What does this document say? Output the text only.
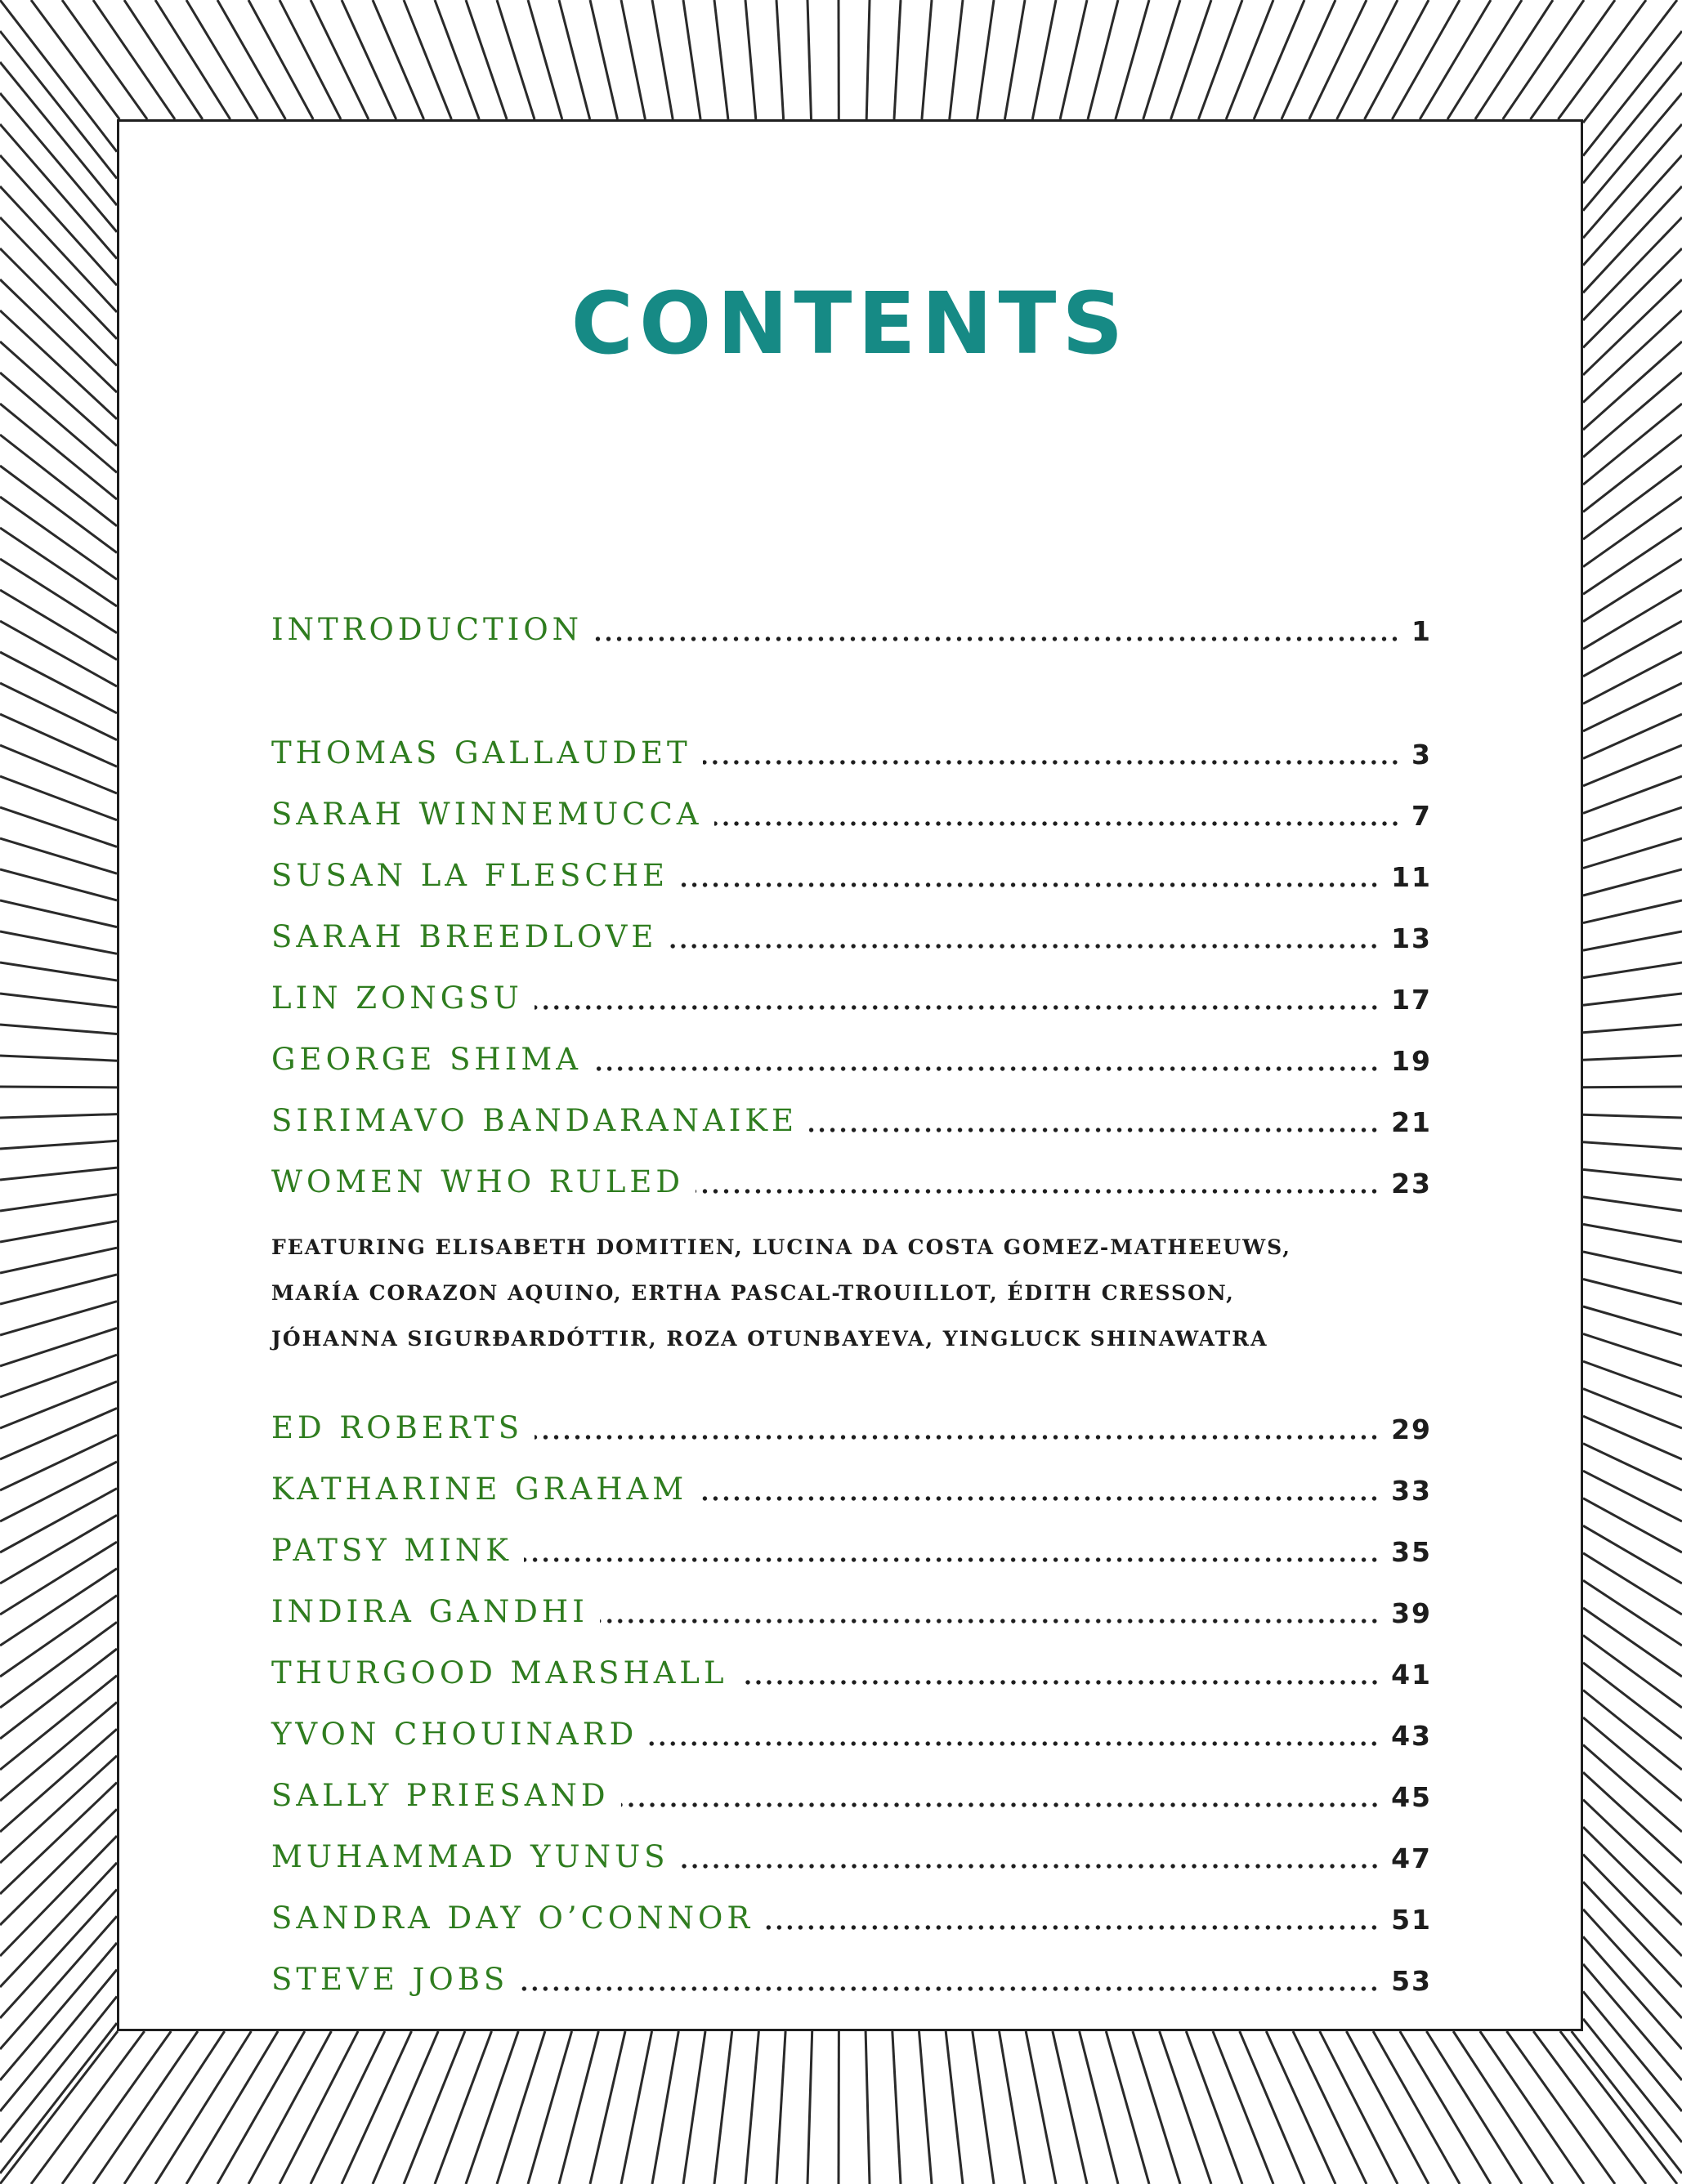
CONTENTS
INTRODUCTION	1
THOMAS GALLAUDET	3
SARAH WINNEMUCCA	7
SUSAN LA FLESCHE	11
SARAH BREEDLOVE	13
LIN ZONGSU	17
GEORGE SHIMA	19
SIRIMAVO BANDARANAIKE	21
WOMEN WHO RULED	23
FEATURING ELISABETH DOMITIEN, LUCINA DA COSTA GOMEZ-MATHEEUWS,
MARÍA CORAZON AQUINO, ERTHA PASCAL-TROUILLOT, ÉDITH CRESSON,
JÓHANNA SIGURÐARDÓTTIR, ROZA OTUNBAYEVA, YINGLUCK SHINAWATRA
ED ROBERTS	29
KATHARINE GRAHAM	33
PATSY MINK	35
INDIRA GANDHI	39
THURGOOD MARSHALL	41
YVON CHOUINARD	43
SALLY PRIESAND	45
MUHAMMAD YUNUS	47
SANDRA DAY O’CONNOR	51
STEVE JOBS	53
